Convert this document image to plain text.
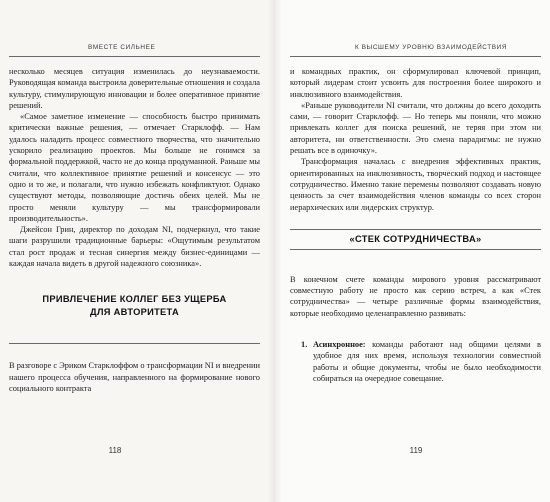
ВМЕСТЕ СИЛЬНЕЕ

несколько месяцев ситуация изменилась до неузнаваемости. Руководящая команда выстроила доверительные отношения и создала культуру, стимулирующую инновации и более оперативное принятие решений.

«Самое заметное изменение — способность быстро принимать критически важные решения, — отмечает Старклофф. — Нам удалось наладить процесс совместного творчества, что значительно ускорило реализацию проектов. Мы больше не гонимся за формальной поддержкой, часто не до конца продуманной. Раньше мы считали, что коллективное принятие решений и консенсус — это одно и то же, и полагали, что нужно избежать конфликтуют. Однако существуют методы, позволяющие достичь обеих целей. Мы не просто меняли культуру — мы трансформировали производительность».

Джейсон Грин, директор по доходам NI, подчеркнул, что такие шаги разрушили традиционные барьеры: «Ощутимым результатом стал рост продаж и тесная синергия между бизнес-единицами — каждая начала видеть в другой надежного союзника».

ПРИВЛЕЧЕНИЕ КОЛЛЕГ БЕЗ УЩЕРБА
ДЛЯ АВТОРИТЕТА

В разговоре с Эриком Старклоффом о трансформации NI и внедрении нашего процесса обучения, направленного на формирование нового социального контракта

118
К ВЫСШЕМУ УРОВНЮ ВЗАИМОДЕЙСТВИЯ

и командных практик, он сформулировал ключевой принцип, который лидерам стоит усвоить для построения более широкого и инклюзивного взаимодействия.

«Раньше руководители NI считали, что должны до всего доходить сами, — говорит Старклофф. — Но теперь мы поняли, что можно привлекать коллег для поиска решений, не теряя при этом ни авторитета, ни ответственности. Это смена парадигмы: не нужно решать все в одиночку».

Трансформация началась с внедрения эффективных практик, ориентированных на инклюзивность, творческий подход и настоящее сотрудничество. Именно такие перемены позволяют создавать новую ценность за счет взаимодействия членов команды со всех сторон иерархических или лидерских структур.

«СТЕК СОТРУДНИЧЕСТВА»

В конечном счете команды мирового уровня рассматривают совместную работу не просто как серию встреч, а как «Стек сотрудничества» — четыре различные формы взаимодействия, которые необходимо целенаправленно развивать:

1. Асинхронное: команды работают над общими целями в удобное для них время, используя технологии совместной работы и общие документы, чтобы не было необходимости собираться на очередное совещание.
119
